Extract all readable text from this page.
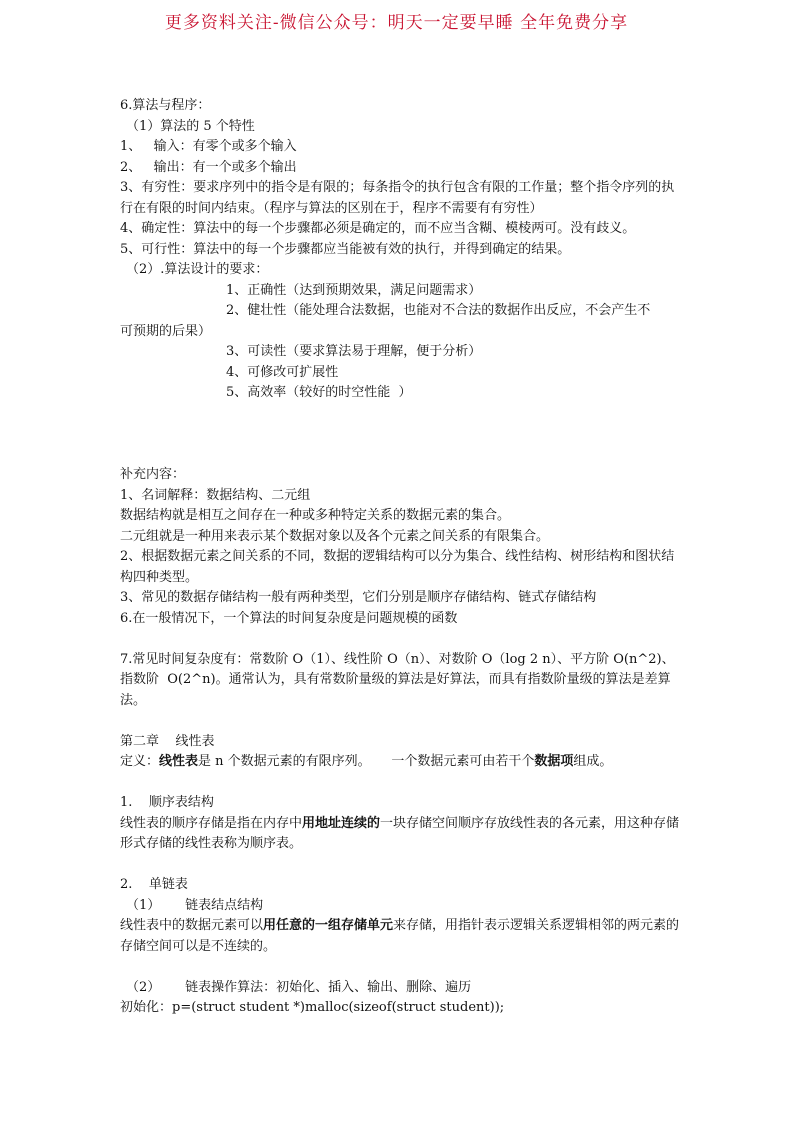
更多资料关注-微信公众号：明天一定要早睡 全年免费分享

6.算法与程序：

（1）算法的 5 个特性

1、   输入：有零个或多个输入

2、   输出：有一个或多个输出

3、有穷性：要求序列中的指令是有限的；每条指令的执行包含有限的工作量；整个指令序列的执行在有限的时间内结束。（程序与算法的区别在于，程序不需要有有穷性）

4、确定性：算法中的每一个步骤都必须是确定的，而不应当含糊、模棱两可。没有歧义。

5、可行性：算法中的每一个步骤都应当能被有效的执行，并得到确定的结果。

（2）.算法设计的要求：

1、正确性（达到预期效果，满足问题需求）

2、健壮性（能处理合法数据，也能对不合法的数据作出反应，不会产生不

可预期的后果）

3、可读性（要求算法易于理解，便于分析）

4、可修改可扩展性

5、高效率（较好的时空性能  ）

补充内容：

1、名词解释：数据结构、二元组

数据结构就是相互之间存在一种或多种特定关系的数据元素的集合。

二元组就是一种用来表示某个数据对象以及各个元素之间关系的有限集合。

2、根据数据元素之间关系的不同，数据的逻辑结构可以分为集合、线性结构、树形结构和图状结构四种类型。

3、常见的数据存储结构一般有两种类型，它们分别是顺序存储结构、链式存储结构

6.在一般情况下，一个算法的时间复杂度是问题规模的函数

7.常见时间复杂度有：常数阶 O（1）、线性阶 O（n）、对数阶 O（log 2 n）、平方阶 O(n^2)、指数阶  O(2^n)。通常认为，具有常数阶量级的算法是好算法，而具有指数阶量级的算法是差算法。

第二章    线性表

定义：线性表是 n 个数据元素的有限序列。     一个数据元素可由若干个数据项组成。

1.    顺序表结构

线性表的顺序存储是指在内存中用地址连续的一块存储空间顺序存放线性表的各元素，用这种存储形式存储的线性表称为顺序表。

2.    单链表

（1）      链表结点结构

线性表中的数据元素可以用任意的一组存储单元来存储，用指针表示逻辑关系逻辑相邻的两元素的存储空间可以是不连续的。

（2）      链表操作算法：初始化、插入、输出、删除、遍历

初始化：p=(struct student *)malloc(sizeof(struct student));
